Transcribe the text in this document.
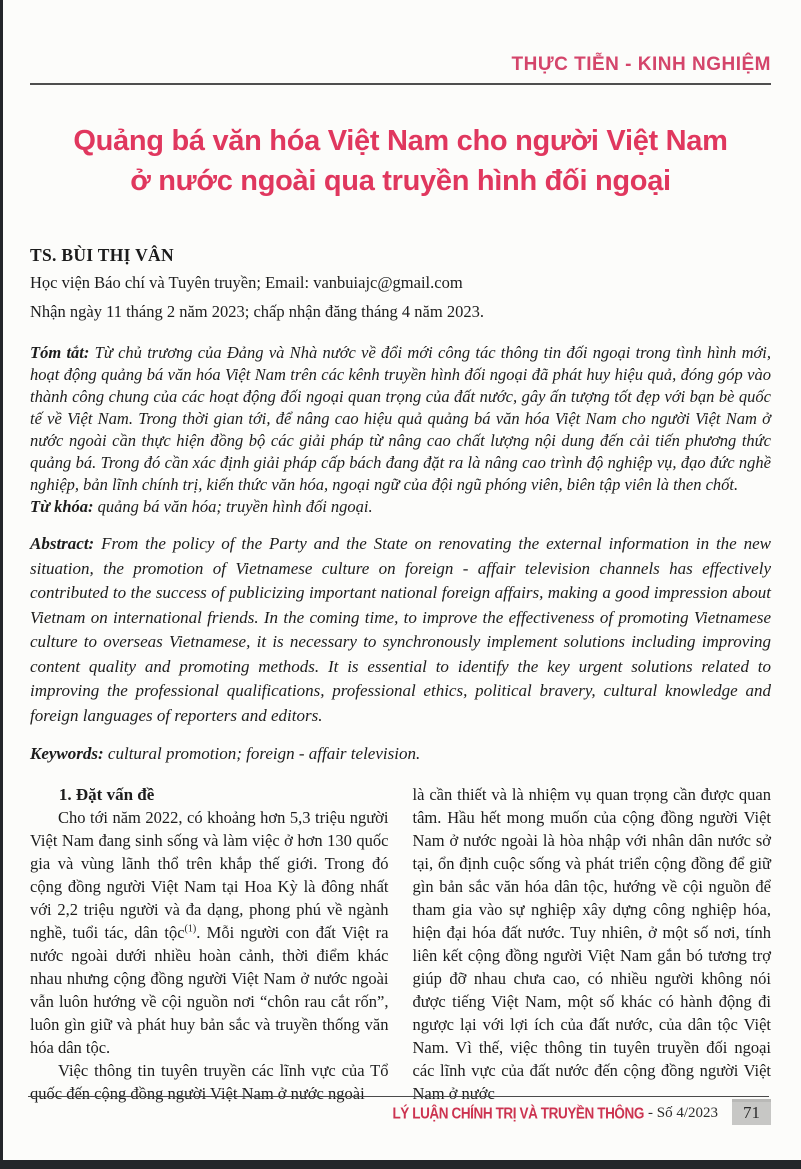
THỰC TIỄN - KINH NGHIỆM
Quảng bá văn hóa Việt Nam cho người Việt Nam
ở nước ngoài qua truyền hình đối ngoại
TS. BÙI THỊ VÂN
Học viện Báo chí và Tuyên truyền; Email: vanbuiajc@gmail.com
Nhận ngày 11 tháng 2 năm 2023; chấp nhận đăng tháng 4 năm 2023.

Tóm tắt: Từ chủ trương của Đảng và Nhà nước về đổi mới công tác thông tin đối ngoại trong tình hình mới, hoạt động quảng bá văn hóa Việt Nam trên các kênh truyền hình đối ngoại đã phát huy hiệu quả, đóng góp vào thành công chung của các hoạt động đối ngoại quan trọng của đất nước, gây ấn tượng tốt đẹp với bạn bè quốc tế về Việt Nam. Trong thời gian tới, để nâng cao hiệu quả quảng bá văn hóa Việt Nam cho người Việt Nam ở nước ngoài cần thực hiện đồng bộ các giải pháp từ nâng cao chất lượng nội dung đến cải tiến phương thức quảng bá. Trong đó cần xác định giải pháp cấp bách đang đặt ra là nâng cao trình độ nghiệp vụ, đạo đức nghề nghiệp, bản lĩnh chính trị, kiến thức văn hóa, ngoại ngữ của đội ngũ phóng viên, biên tập viên là then chốt.

Từ khóa: quảng bá văn hóa; truyền hình đối ngoại.

Abstract: From the policy of the Party and the State on renovating the external information in the new situation, the promotion of Vietnamese culture on foreign - affair television channels has effectively contributed to the success of publicizing important national foreign affairs, making a good impression about Vietnam on international friends. In the coming time, to improve the effectiveness of promoting Vietnamese culture to overseas Vietnamese, it is necessary to synchronously implement solutions including improving content quality and promoting methods. It is essential to identify the key urgent solutions related to improving the professional qualifications, professional ethics, political bravery, cultural knowledge and foreign languages of reporters and editors.

Keywords: cultural promotion; foreign - affair television.

1. Đặt vấn đề

Cho tới năm 2022, có khoảng hơn 5,3 triệu người Việt Nam đang sinh sống và làm việc ở hơn 130 quốc gia và vùng lãnh thổ trên khắp thế giới. Trong đó cộng đồng người Việt Nam tại Hoa Kỳ là đông nhất với 2,2 triệu người và đa dạng, phong phú về ngành nghề, tuổi tác, dân tộc$^{(1)}$. Mỗi người con đất Việt ra nước ngoài dưới nhiều hoàn cảnh, thời điểm khác nhau nhưng cộng đồng người Việt Nam ở nước ngoài vẫn luôn hướng về cội nguồn nơi “chôn rau cắt rốn”, luôn gìn giữ và phát huy bản sắc và truyền thống văn hóa dân tộc.

Việc thông tin tuyên truyền các lĩnh vực của Tổ quốc đến cộng đồng người Việt Nam ở nước ngoài

là cần thiết và là nhiệm vụ quan trọng cần được quan tâm. Hầu hết mong muốn của cộng đồng người Việt Nam ở nước ngoài là hòa nhập với nhân dân nước sở tại, ổn định cuộc sống và phát triển cộng đồng để giữ gìn bản sắc văn hóa dân tộc, hướng về cội nguồn để tham gia vào sự nghiệp xây dựng công nghiệp hóa, hiện đại hóa đất nước. Tuy nhiên, ở một số nơi, tính liên kết cộng đồng người Việt Nam gắn bó tương trợ giúp đỡ nhau chưa cao, có nhiều người không nói được tiếng Việt Nam, một số khác có hành động đi ngược lại với lợi ích của đất nước, của dân tộc Việt Nam. Vì thế, việc thông tin tuyên truyền đối ngoại các lĩnh vực của đất nước đến cộng đồng người Việt Nam ở nước

LÝ LUẬN CHÍNH TRỊ VÀ TRUYỀN THÔNG - Số 4/2023	71
